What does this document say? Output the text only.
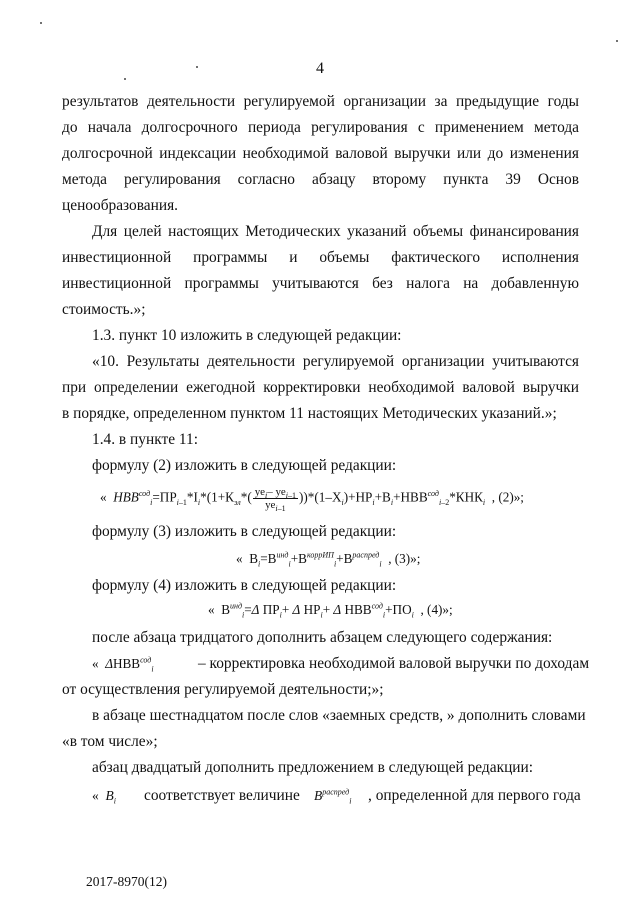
4
результатов деятельности регулируемой организации за предыдущие годы
до начала долгосрочного периода регулирования с применением метода
долгосрочной индексации необходимой валовой выручки или до изменения
метода регулирования согласно абзацу второму пункта 39 Основ
ценообразования.
Для целей настоящих Методических указаний объемы финансирования
инвестиционной программы и объемы фактического исполнения
инвестиционной программы учитываются без налога на добавленную
стоимость.»;
1.3. пункт 10 изложить в следующей редакции:
«10. Результаты деятельности регулируемой организации учитываются
при определении ежегодной корректировки необходимой валовой выручки
в порядке, определенном пунктом 11 настоящих Методических указаний.»;
1.4. в пункте 11:
формулу (2) изложить в следующей редакции:
«  $НВВ^{сод}_i=ПР_{i-1}*I_i*(1+К_{эл}*( \frac{уе_i- уе_{i-1}}{уе_{i-1}} ))*(1-Х_i)+НР_i+В_i+НВВ^{сод}_{i-2}*КНК_i$ , (2)»;
формулу (3) изложить в следующей редакции:
«  $В_i=В^{инд}_i+В^{коррИП}_i+В^{распред}_i$ , (3)»;
формулу (4) изложить в следующей редакции:
«  $В^{инд}_i=\Delta$ $ПР_i+ \Delta$ $НР_i+ \Delta$ $НВВ^{сод}_i+ПО_i$ , (4)»;
после абзаца тридцатого дополнить абзацем следующего содержания:
«  $\Delta НВВ^{сод}_i$	– корректировка необходимой валовой выручки по доходам
от осуществления регулируемой деятельности;»;
в абзаце шестнадцатом после слов «заемных средств, » дополнить словами
«в том числе»;
абзац двадцатый дополнить предложением в следующей редакции:
«  $В_i$ соответствует величине $В^{распред}_i$ , определенной для первого года
2017-8970(12)
